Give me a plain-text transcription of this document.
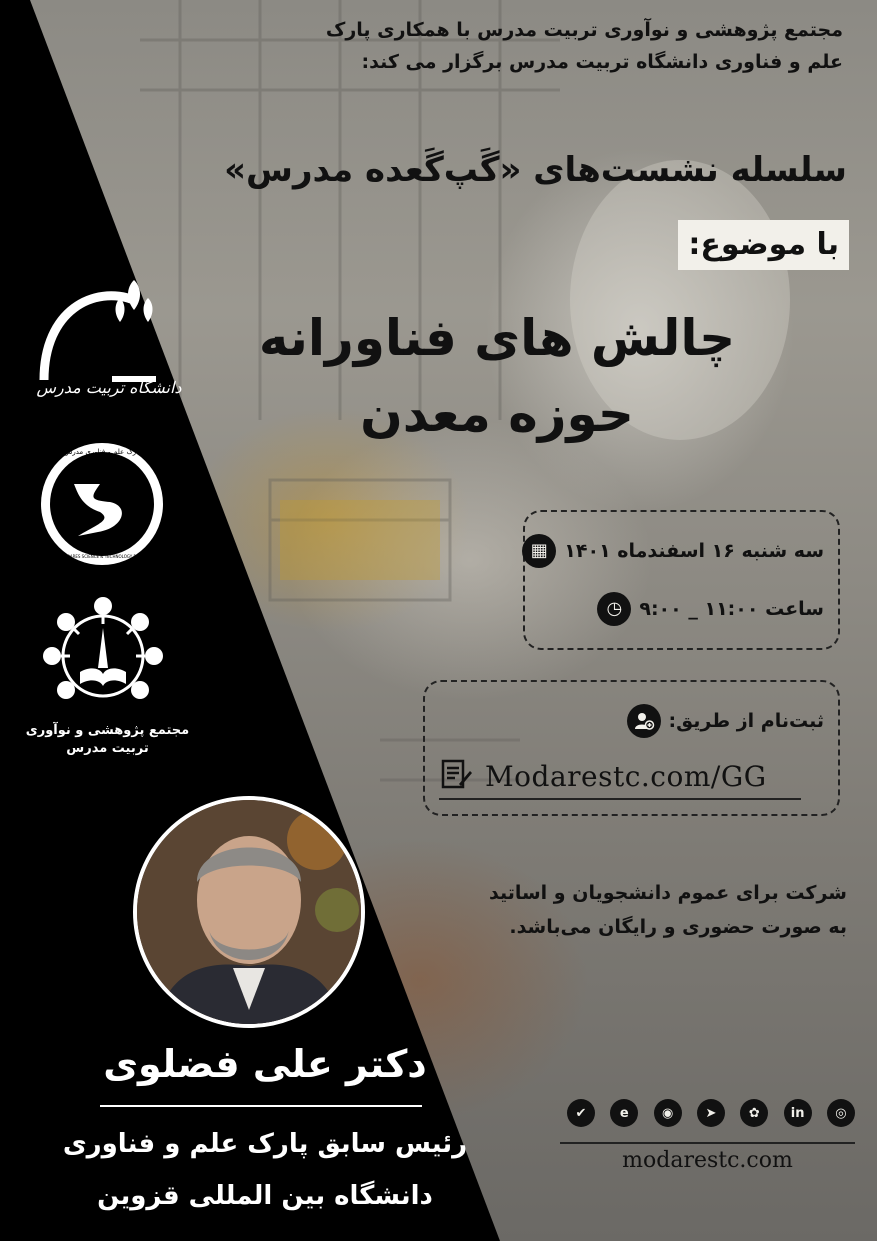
مجتمع پژوهشی و نوآوری تربیت مدرس با همکاری پارک
علم و فناوری دانشگاه تربیت مدرس برگزار می کند:
سلسله نشست‌های «گَپ‌گَعده مدرس»
با موضوع:
چالش های فناورانه
حوزه معدن
▦ سه شنبه ۱۶ اسفندماه ۱۴۰۱
◷ ساعت ۱۱:۰۰ _ ۹:۰۰
ثبت‌نام از طریق:
Modarestc.com/GG
شرکت برای عموم دانشجویان و اساتید
به صورت حضوری و رایگان می‌باشد.
دانشگاه تربیت مدرس
پارک علم و فناوری مدرس
MODARES SCIENCE & TECHNOLOGY PARK
مجتمع پژوهشی و نوآوری
تربیت مدرس
دکتر علی فضلوی
رئیس سابق پارک علم و فناوری
دانشگاه بین المللی قزوین
✔	e	◉	➤	✿	in	◎
modarestc.com
